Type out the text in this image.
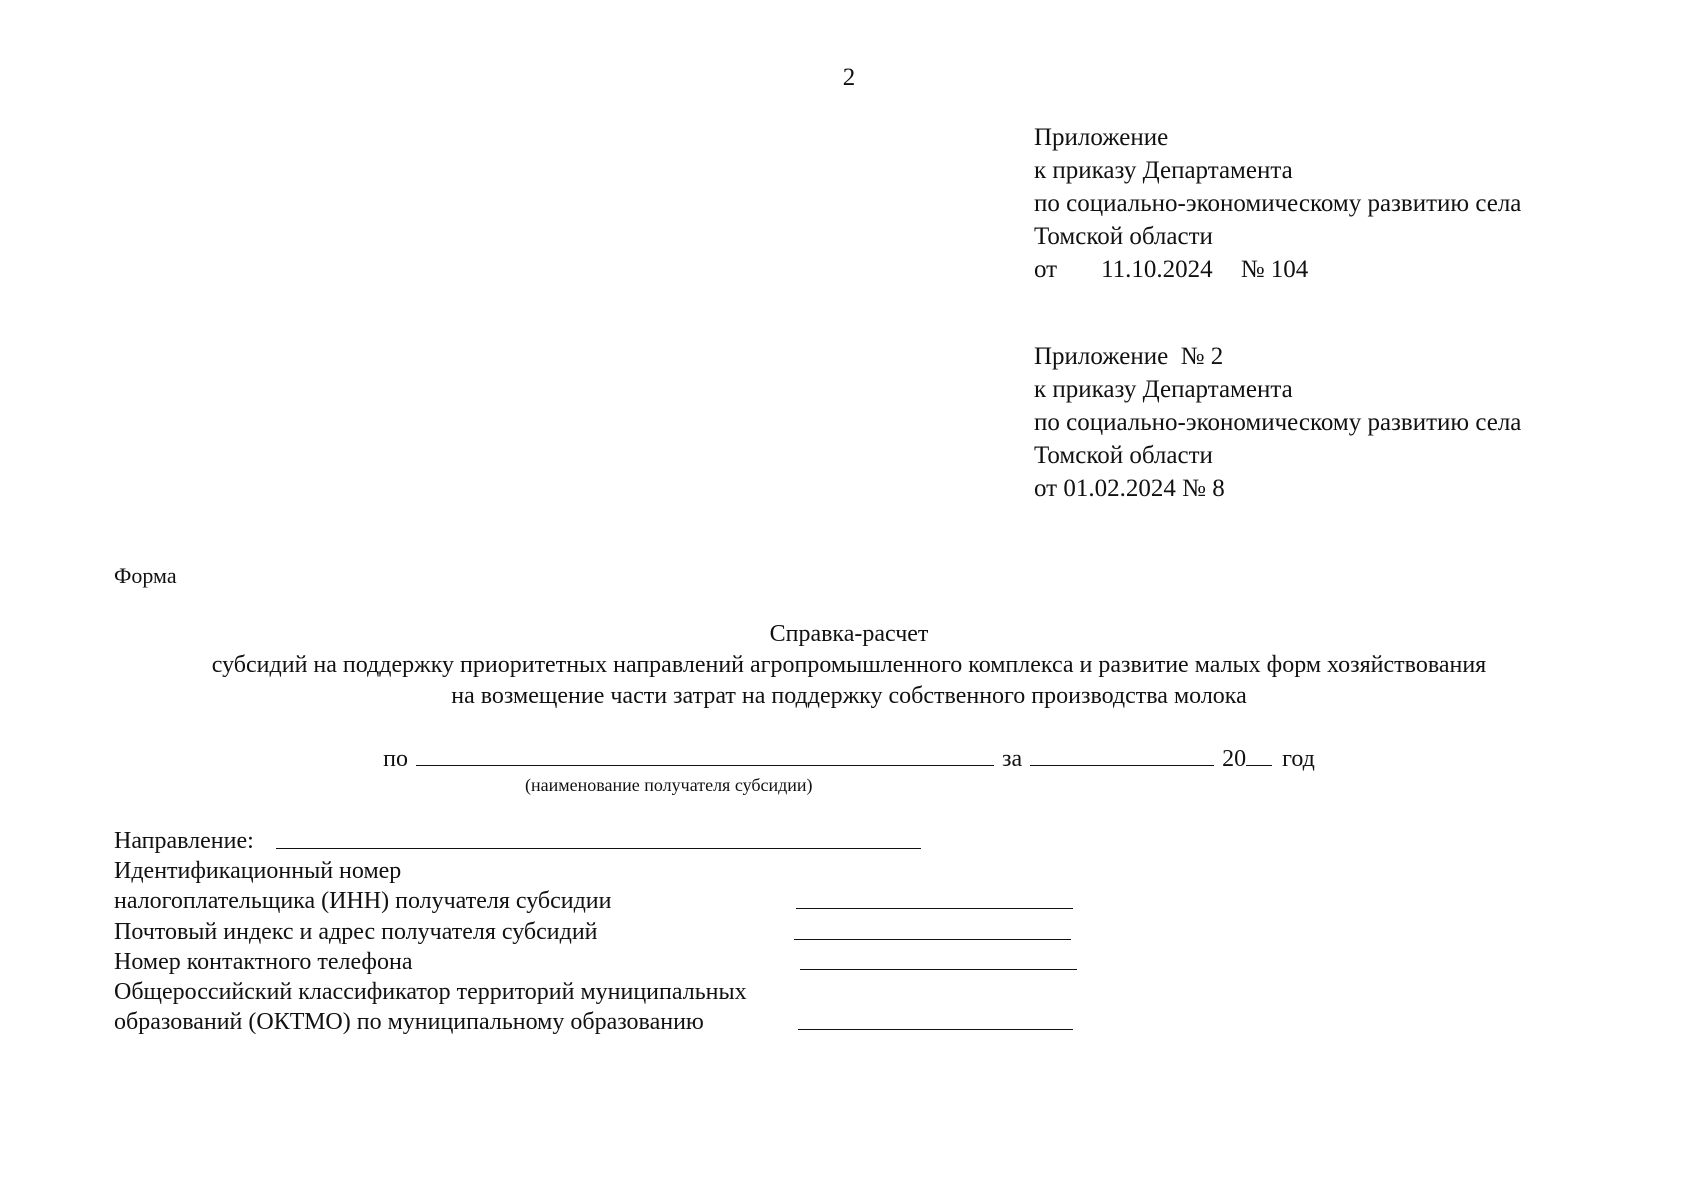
2
Приложение
к приказу Департамента
по социально-экономическому развитию села
Томской области
от 11.10.2024 № 104
Приложение  № 2
к приказу Департамента
по социально-экономическому развитию села
Томской области
от 01.02.2024 № 8
Форма
Справка-расчет
субсидий на поддержку приоритетных направлений агропромышленного комплекса и развитие малых форм хозяйствования
на возмещение части затрат на поддержку собственного производства молока
по	за	20 год
(наименование получателя субсидии)
Направление:
Идентификационный номер
налогоплательщика (ИНН) получателя субсидии
Почтовый индекс и адрес получателя субсидий
Номер контактного телефона
Общероссийский классификатор территорий муниципальных
образований (ОКТМО) по муниципальному образованию
